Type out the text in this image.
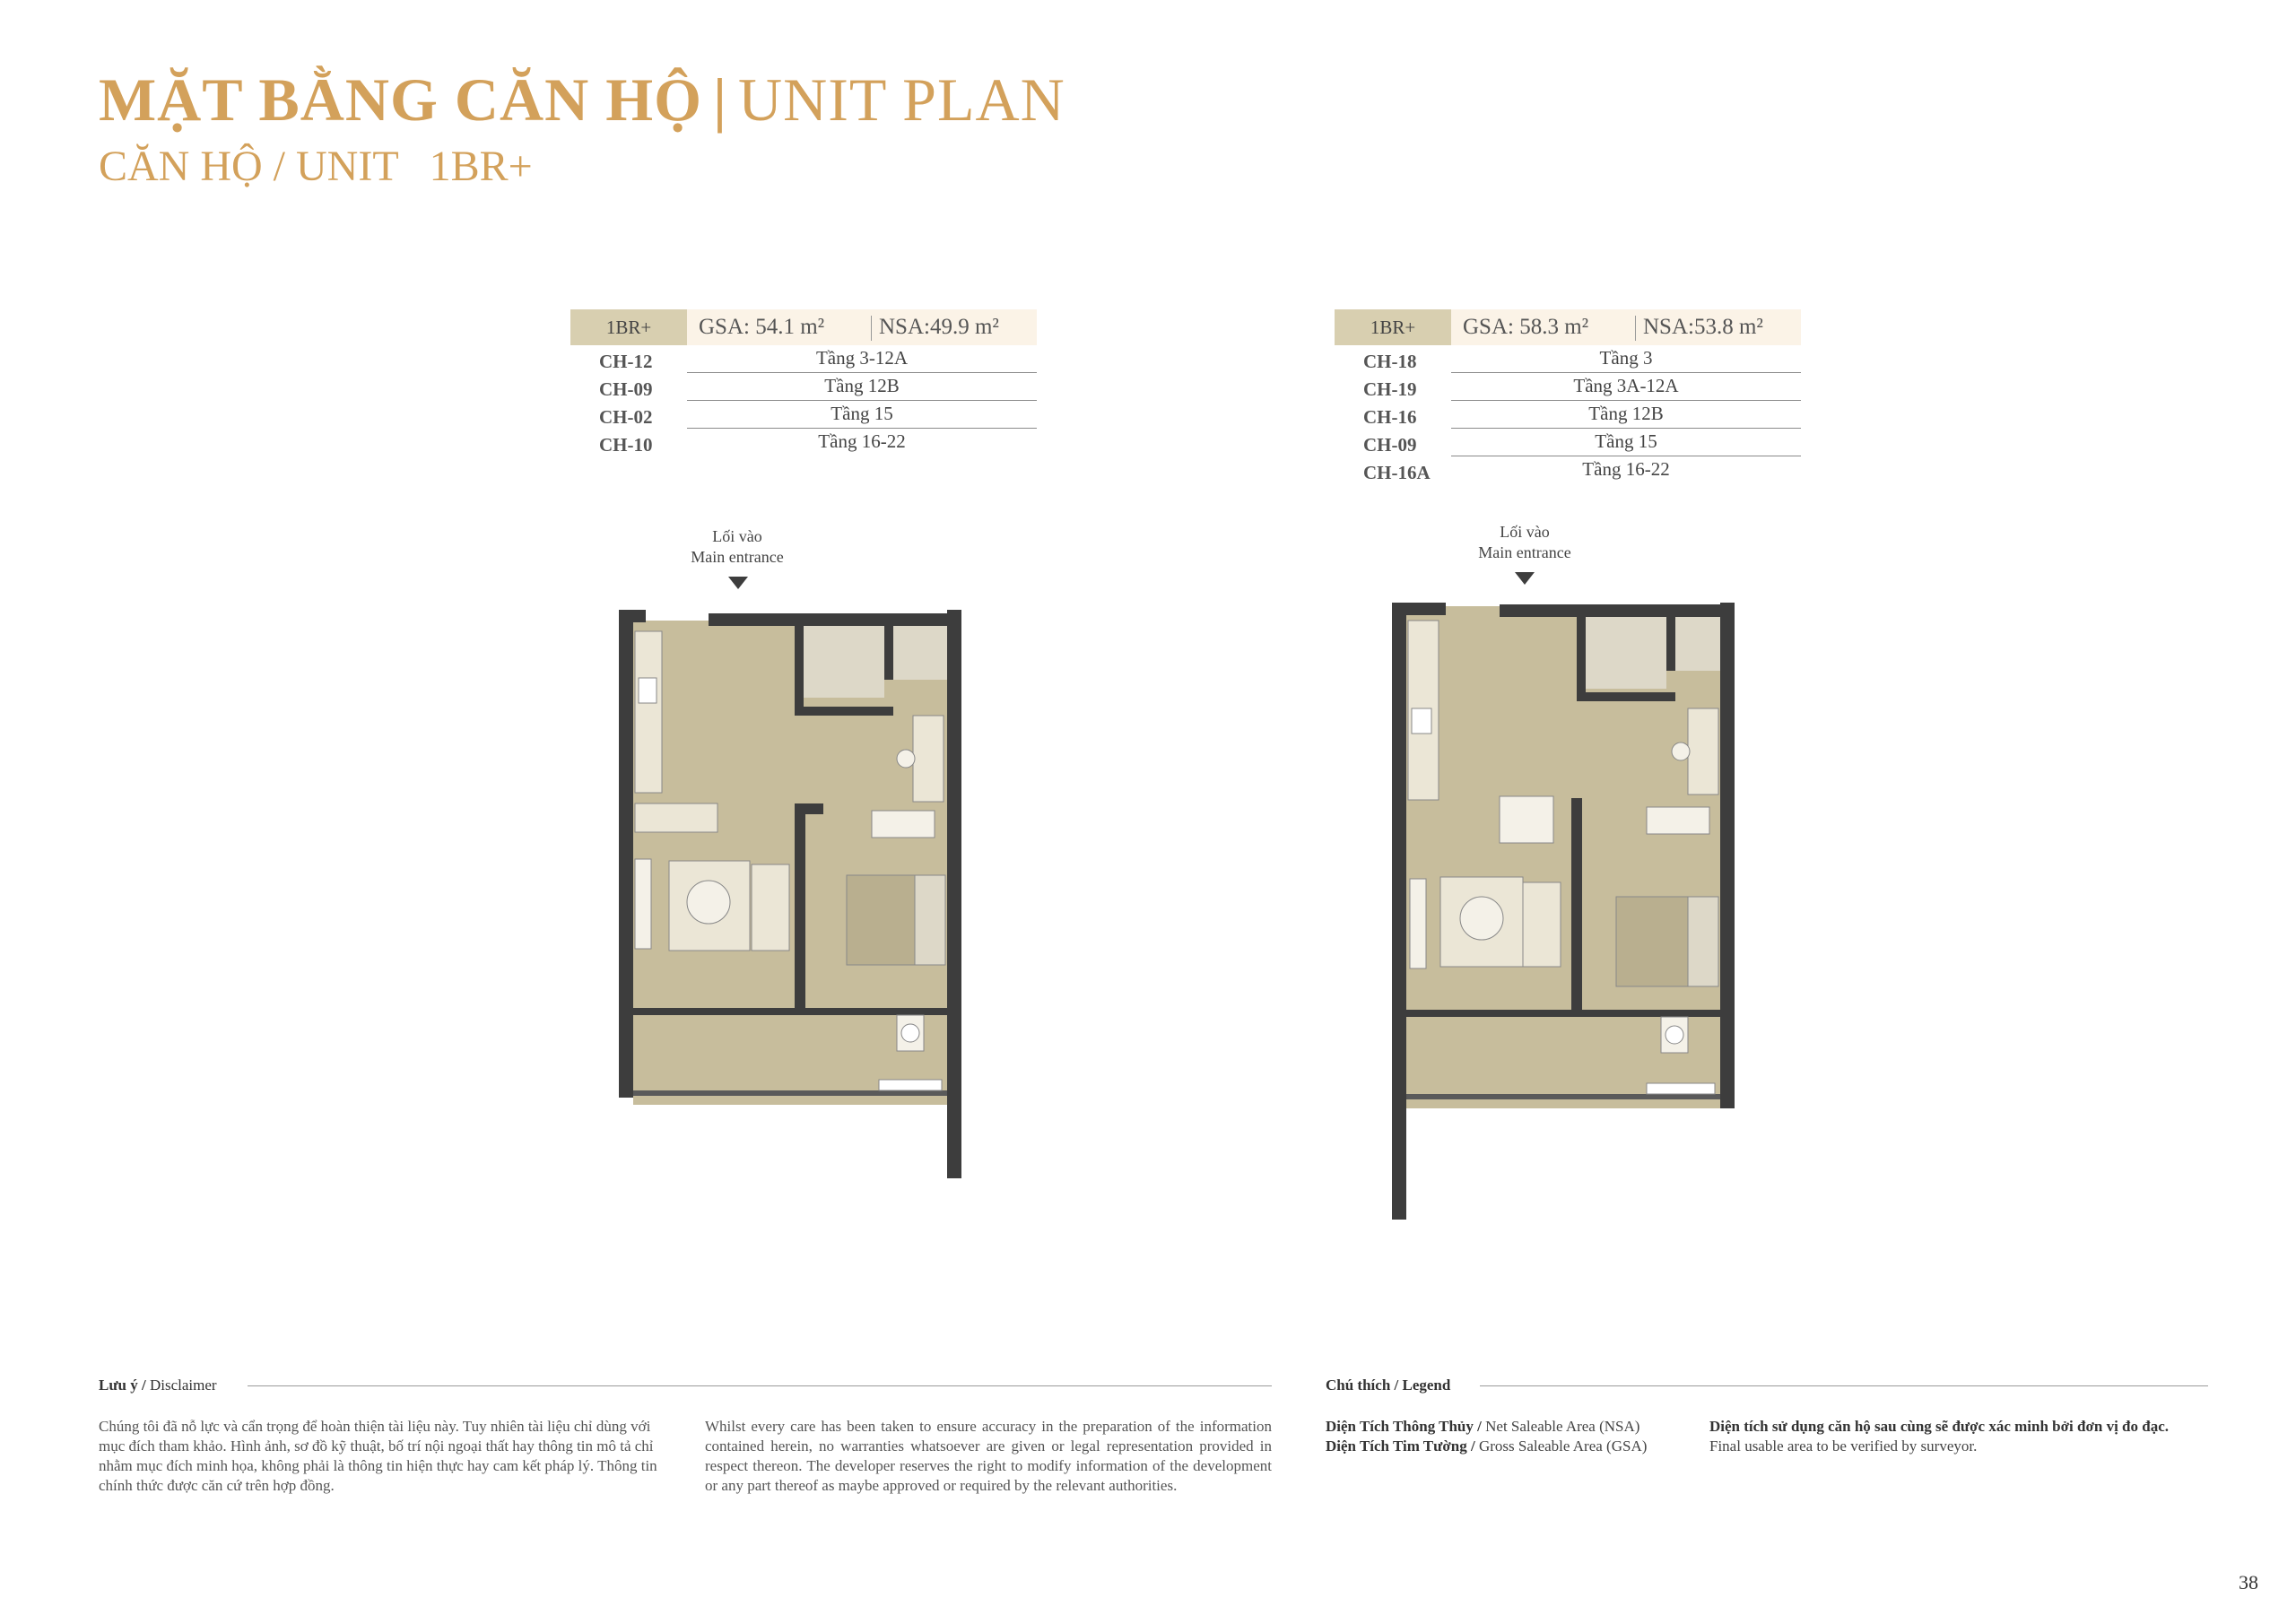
MẶT BẰNG CĂN HỘ | UNIT PLAN
CĂN HỘ / UNIT 1BR+
1BR+	GSA: 54.1 m² NSA:49.9 m²
CH-12	Tầng 3-12A
CH-09	Tầng 12B
CH-02	Tầng 15
CH-10	Tầng 16-22
1BR+	GSA: 58.3 m² NSA:53.8 m²
CH-18	Tầng 3
CH-19	Tầng 3A-12A
CH-16	Tầng 12B
CH-09	Tầng 15
CH-16A	Tầng 16-22
Lối vào
Main entrance
Lối vào
Main entrance
Lưu ý / Disclaimer
Chúng tôi đã nỗ lực và cẩn trọng để hoàn thiện tài liệu này. Tuy nhiên tài liệu chỉ dùng với mục đích tham khảo. Hình ảnh, sơ đồ kỹ thuật, bố trí nội ngoại thất hay thông tin mô tả chỉ nhằm mục đích minh họa, không phải là thông tin hiện thực hay cam kết pháp lý. Thông tin chính thức được căn cứ trên hợp đồng.
Whilst every care has been taken to ensure accuracy in the preparation of the information contained herein, no warranties whatsoever are given or legal representation provided in respect thereon. The developer reserves the right to modify information of the development or any part thereof as maybe approved or required by the relevant authorities.
Chú thích / Legend
Diện Tích Thông Thủy / Net Saleable Area (NSA)
Diện Tích Tim Tường / Gross Saleable Area (GSA)
Diện tích sử dụng căn hộ sau cùng sẽ được xác minh bởi đơn vị đo đạc.
Final usable area to be verified by surveyor.
38
